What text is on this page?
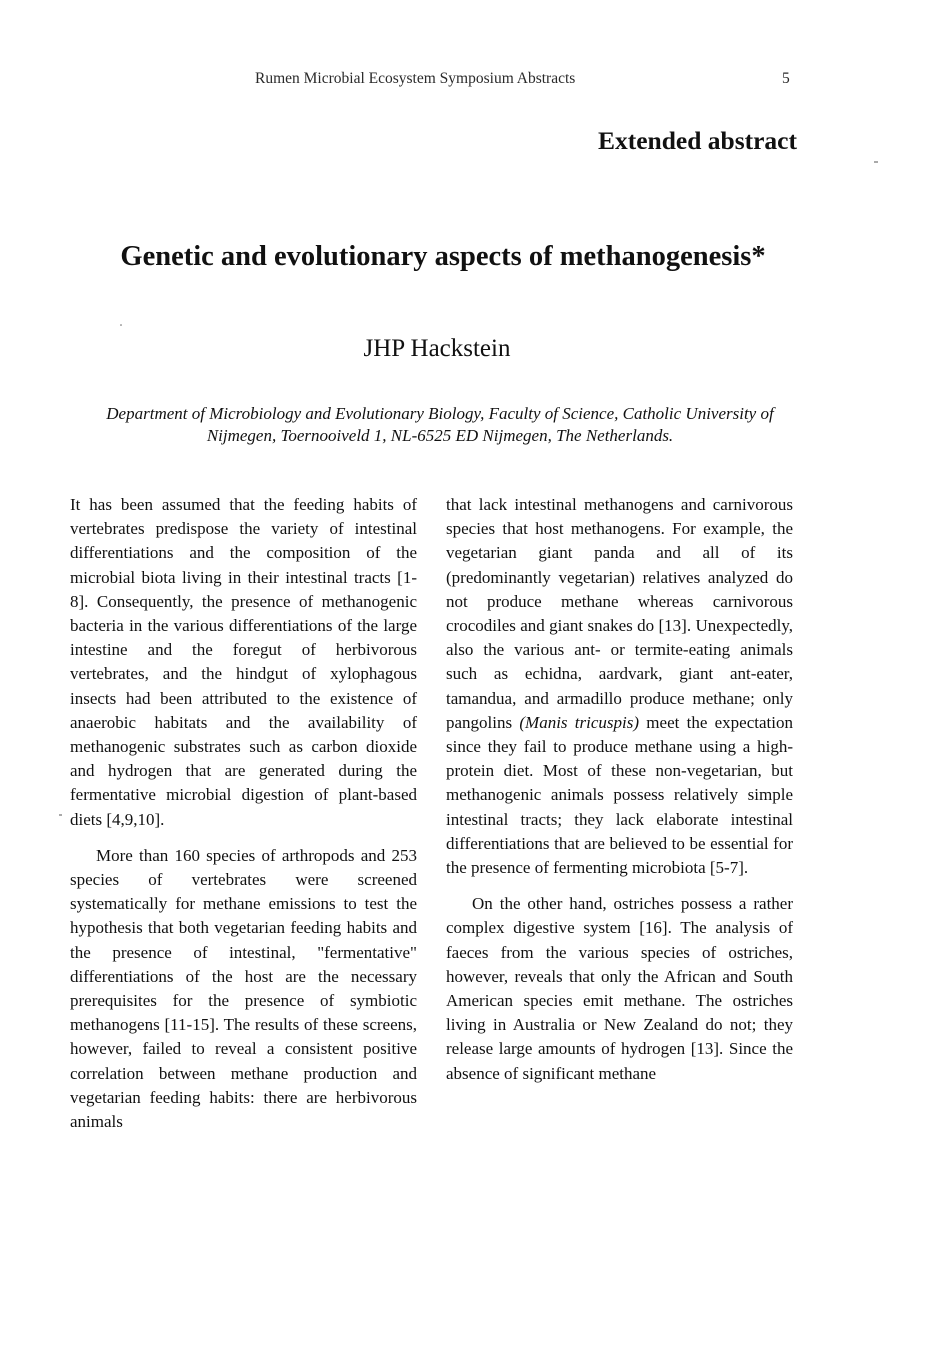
Rumen Microbial Ecosystem Symposium Abstracts	5
Extended abstract
Genetic and evolutionary aspects of methanogenesis*
JHP Hackstein
Department of Microbiology and Evolutionary Biology, Faculty of Science, Catholic University of Nijmegen, Toernooiveld 1, NL-6525 ED Nijmegen, The Netherlands.

It has been assumed that the feeding habits of vertebrates predispose the variety of intestinal differentiations and the composition of the microbial biota living in their intestinal tracts [1-8]. Consequently, the presence of methanogenic bacteria in the various differentiations of the large intestine and the foregut of herbivorous vertebrates, and the hindgut of xylophagous insects had been attributed to the existence of anaerobic habitats and the availability of methanogenic substrates such as carbon dioxide and hydrogen that are generated during the fermentative microbial digestion of plant-based diets [4,9,10].

More than 160 species of arthropods and 253 species of vertebrates were screened systematically for methane emissions to test the hypothesis that both vegetarian feeding habits and the presence of intestinal, "fermentative" differentiations of the host are the necessary prerequisites for the presence of symbiotic methanogens [11-15]. The results of these screens, however, failed to reveal a consistent positive correlation between methane production and vegetarian feeding habits: there are herbivorous animals

that lack intestinal methanogens and carnivorous species that host methanogens. For example, the vegetarian giant panda and all of its (predominantly vegetarian) relatives analyzed do not produce methane whereas carnivorous crocodiles and giant snakes do [13]. Unexpectedly, also the various ant- or termite-eating animals such as echidna, aardvark, giant ant-eater, tamandua, and armadillo produce methane; only pangolins (Manis tricuspis) meet the expectation since they fail to produce methane using a high-protein diet. Most of these non-vegetarian, but methanogenic animals possess relatively simple intestinal tracts; they lack elaborate intestinal differentiations that are believed to be essential for the presence of fermenting microbiota [5-7].

On the other hand, ostriches possess a rather complex digestive system [16]. The analysis of faeces from the various species of ostriches, however, reveals that only the African and South American species emit methane. The ostriches living in Australia or New Zealand do not; they release large amounts of hydrogen [13]. Since the absence of significant methane
